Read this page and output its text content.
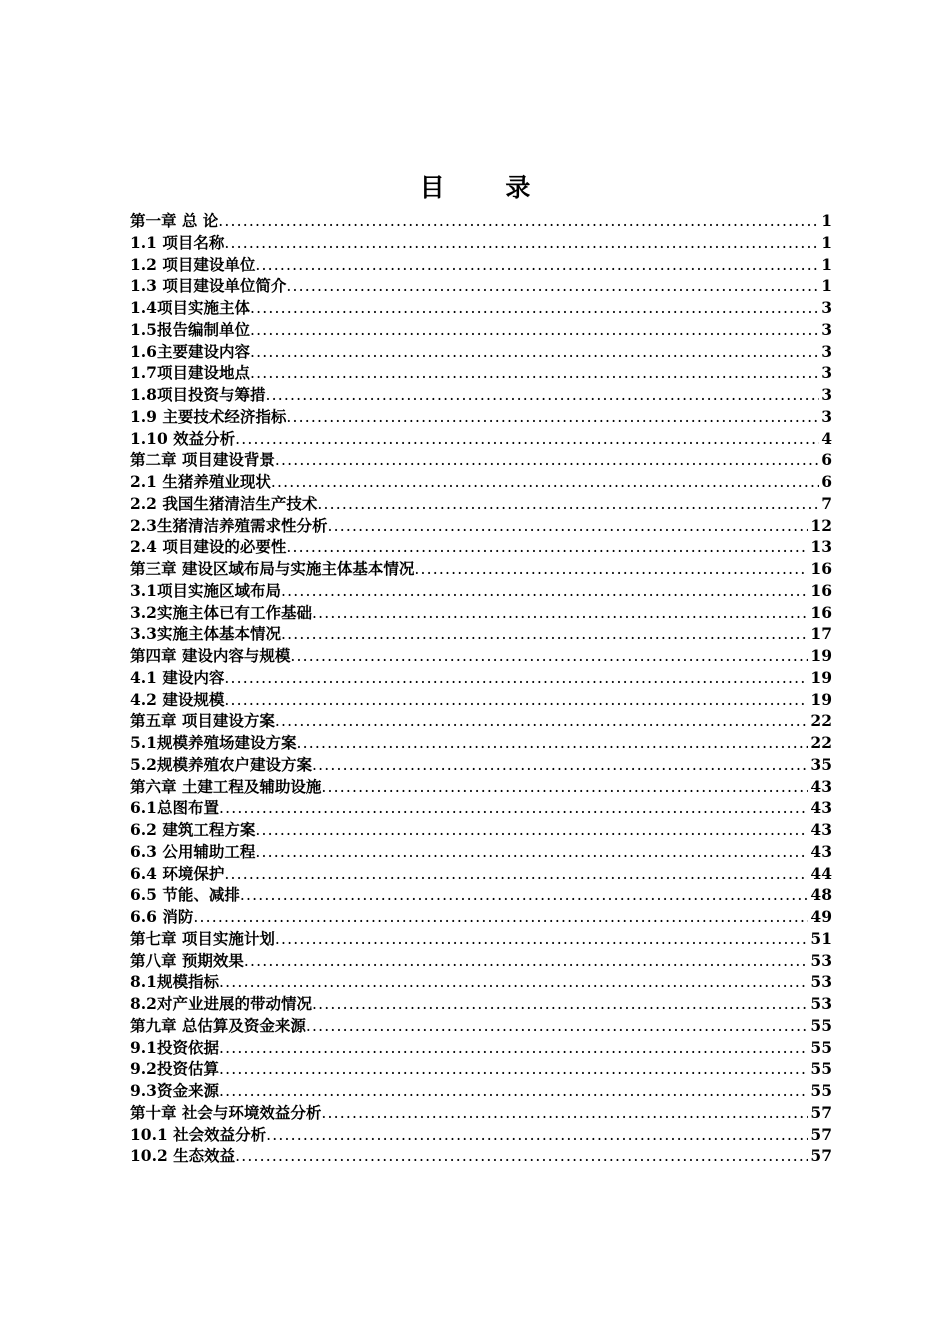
目 录
第一章 总 论 .....	1
1.1 项目名称 .....	1
1.2 项目建设单位 .....	1
1.3 项目建设单位简介 .....	1
1.4项目实施主体 .....	3
1.5报告编制单位 .....	3
1.6主要建设内容 .....	3
1.7项目建设地点 .....	3
1.8项目投资与筹措 .....	3
1.9 主要技术经济指标 .....	3
1.10 效益分析 .....	4
第二章 项目建设背景 .....	6
2.1 生猪养殖业现状 .....	6
2.2 我国生猪清洁生产技术 .....	7
2.3生猪清洁养殖需求性分析 .....	12
2.4 项目建设的必要性 .....	13
第三章 建设区域布局与实施主体基本情况 .....	16
3.1项目实施区域布局 .....	16
3.2实施主体已有工作基础 .....	16
3.3实施主体基本情况 .....	17
第四章 建设内容与规模 .....	19
4.1 建设内容 .....	19
4.2 建设规模 .....	19
第五章 项目建设方案 .....	22
5.1规模养殖场建设方案 .....	22
5.2规模养殖农户建设方案 .....	35
第六章 土建工程及辅助设施 .....	43
6.1总图布置 .....	43
6.2 建筑工程方案 .....	43
6.3 公用辅助工程 .....	43
6.4 环境保护 .....	44
6.5 节能、减排 .....	48
6.6 消防 .....	49
第七章 项目实施计划 .....	51
第八章 预期效果 .....	53
8.1规模指标 .....	53
8.2对产业进展的带动情况 .....	53
第九章 总估算及资金来源 .....	55
9.1投资依据 .....	55
9.2投资估算 .....	55
9.3资金来源 .....	55
第十章 社会与环境效益分析 .....	57
10.1 社会效益分析 .....	57
10.2 生态效益 .....	57
